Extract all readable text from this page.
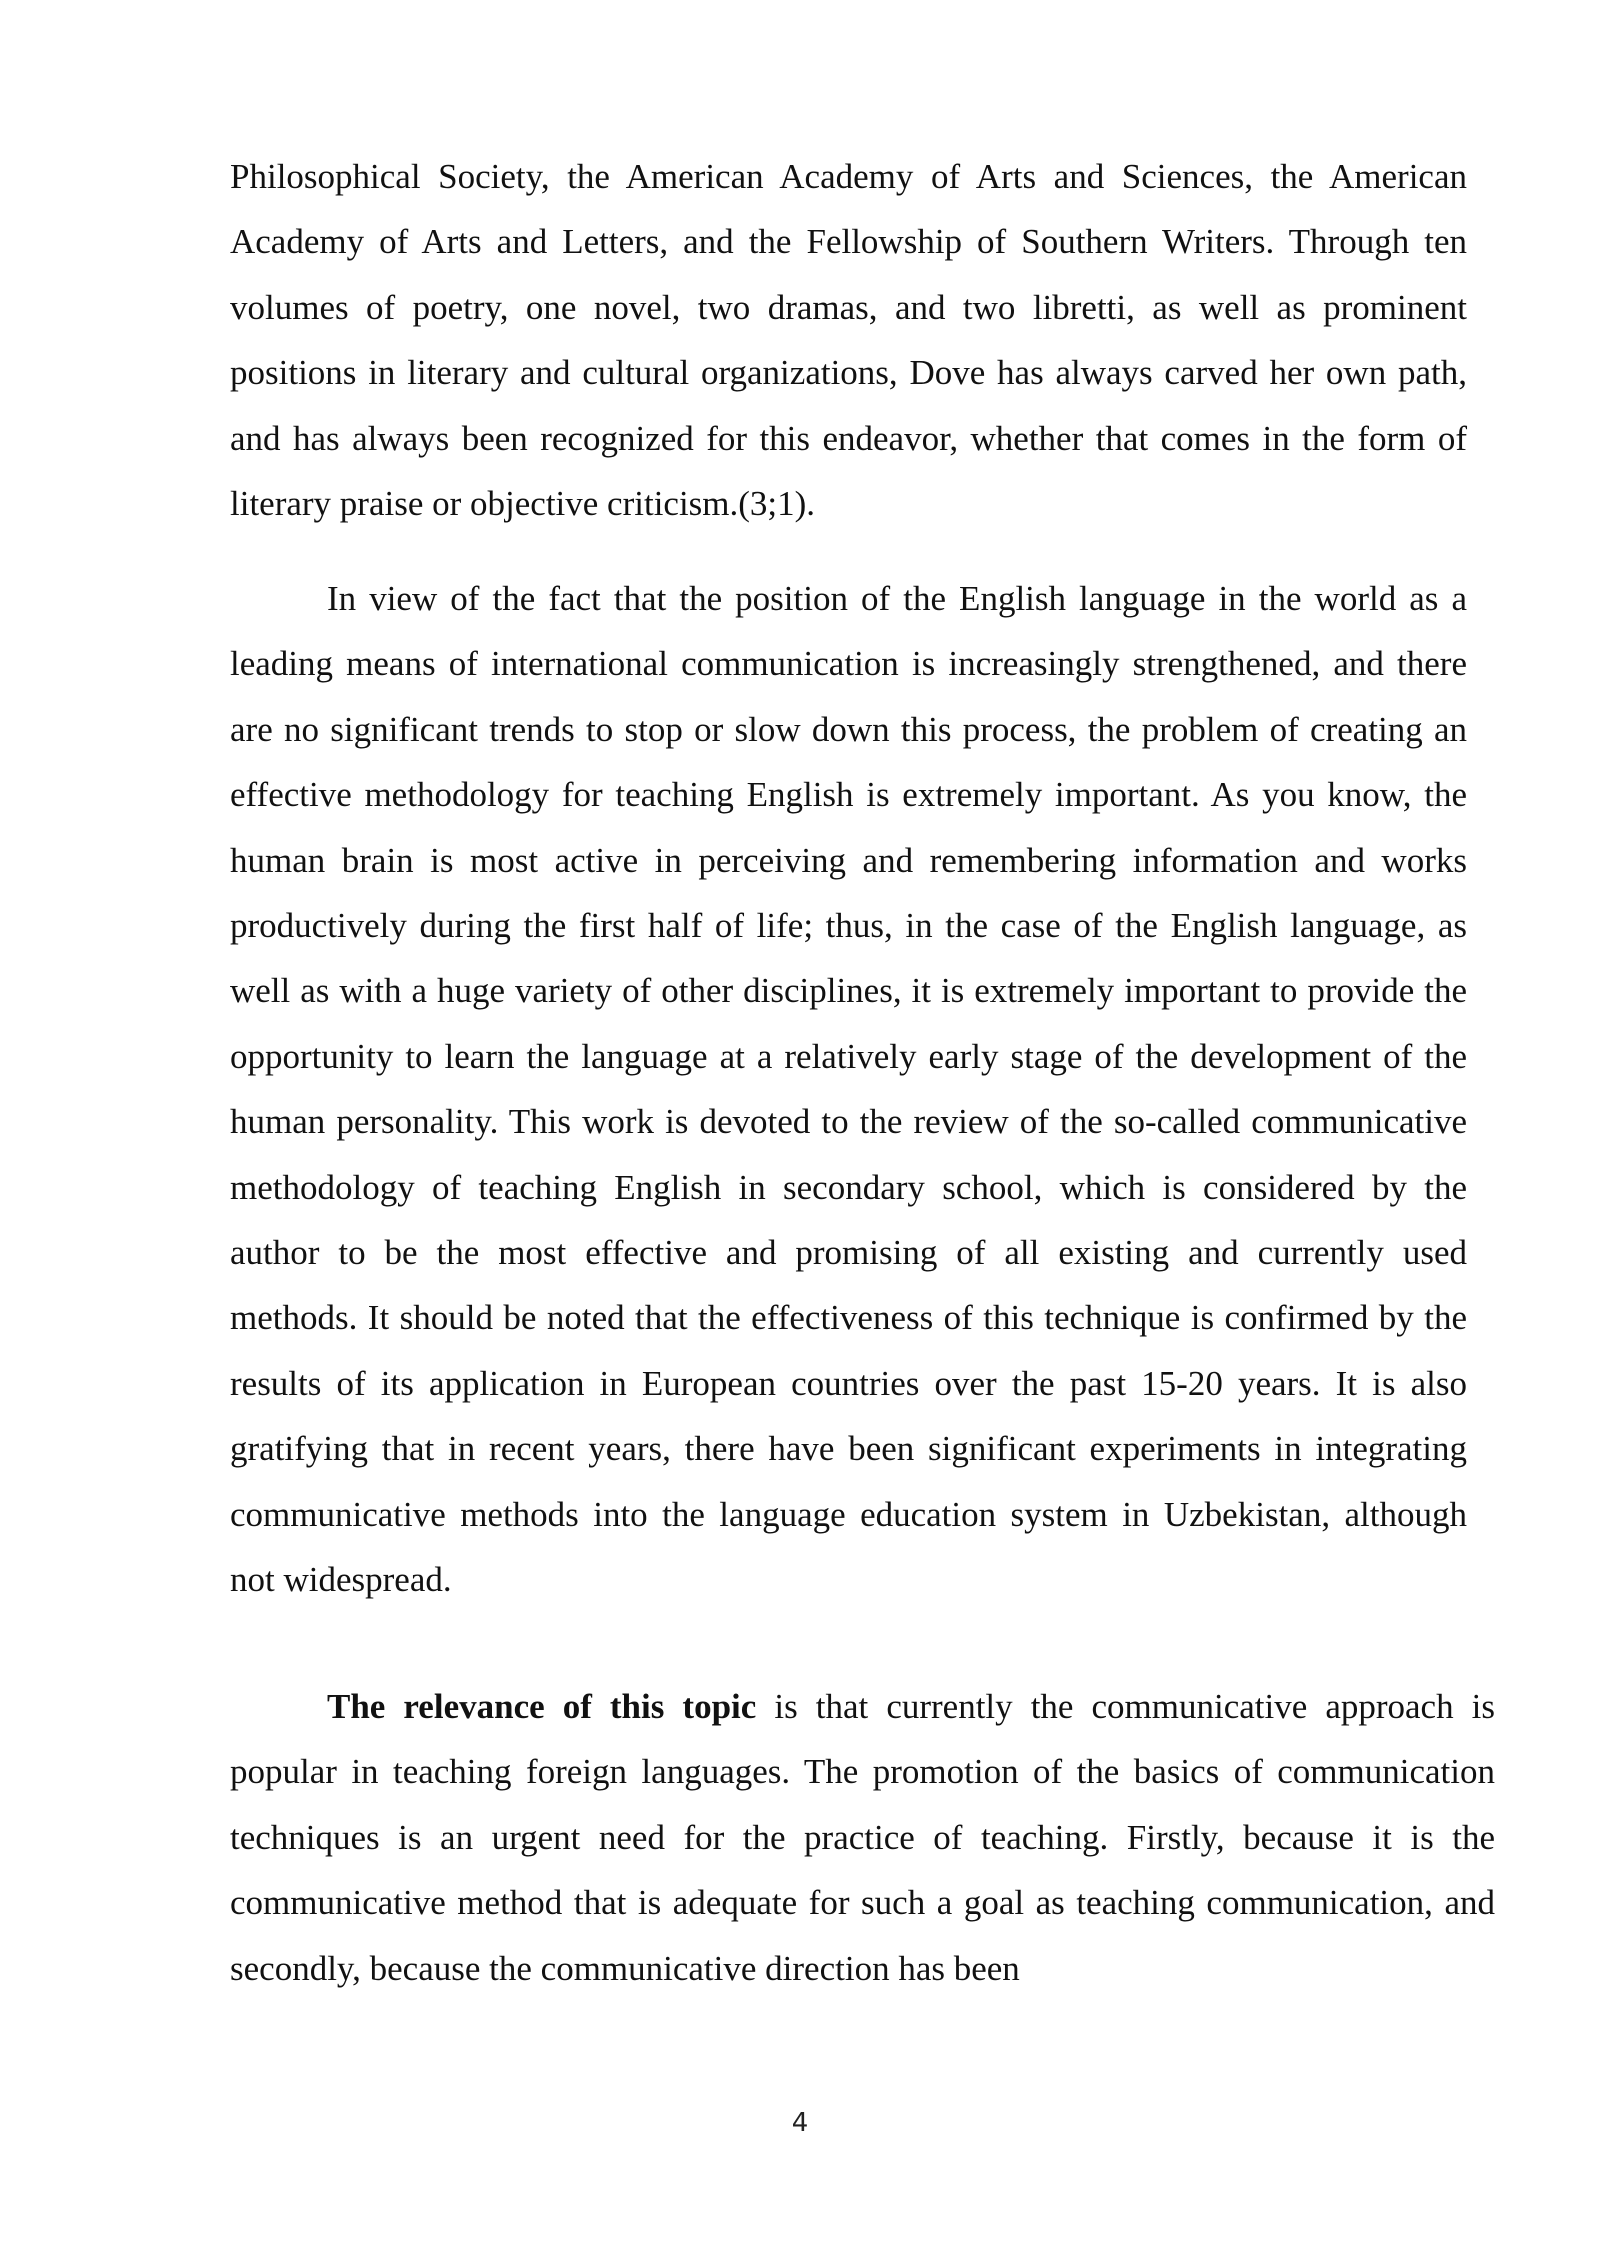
Philosophical Society, the American Academy of Arts and Sciences, the American Academy of Arts and Letters, and the Fellowship of Southern Writers. Through ten volumes of poetry, one novel, two dramas, and two libretti, as well as prominent positions in literary and cultural organizations, Dove has always carved her own path, and has always been recognized for this endeavor, whether that comes in the form of literary praise or objective criticism.(3;1).

In view of the fact that the position of the English language in the world as a leading means of international communication is increasingly strengthened, and there are no significant trends to stop or slow down this process, the problem of creating an effective methodology for teaching English is extremely important. As you know, the human brain is most active in perceiving and remembering information and works productively during the first half of life; thus, in the case of the English language, as well as with a huge variety of other disciplines, it is extremely important to provide the opportunity to learn the language at a relatively early stage of the development of the human personality. This work is devoted to the review of the so-called communicative methodology of teaching English in secondary school, which is considered by the author to be the most effective and promising of all existing and currently used methods. It should be noted that the effectiveness of this technique is confirmed by the results of its application in European countries over the past 15-20 years. It is also gratifying that in recent years, there have been significant experiments in integrating communicative methods into the language education system in Uzbekistan, although not widespread.

The relevance of this topic is that currently the communicative approach is popular in teaching foreign languages. The promotion of the basics of communication techniques is an urgent need for the practice of teaching. Firstly, because it is the communicative method that is adequate for such a goal as teaching communication, and secondly, because the communicative direction has been

4
